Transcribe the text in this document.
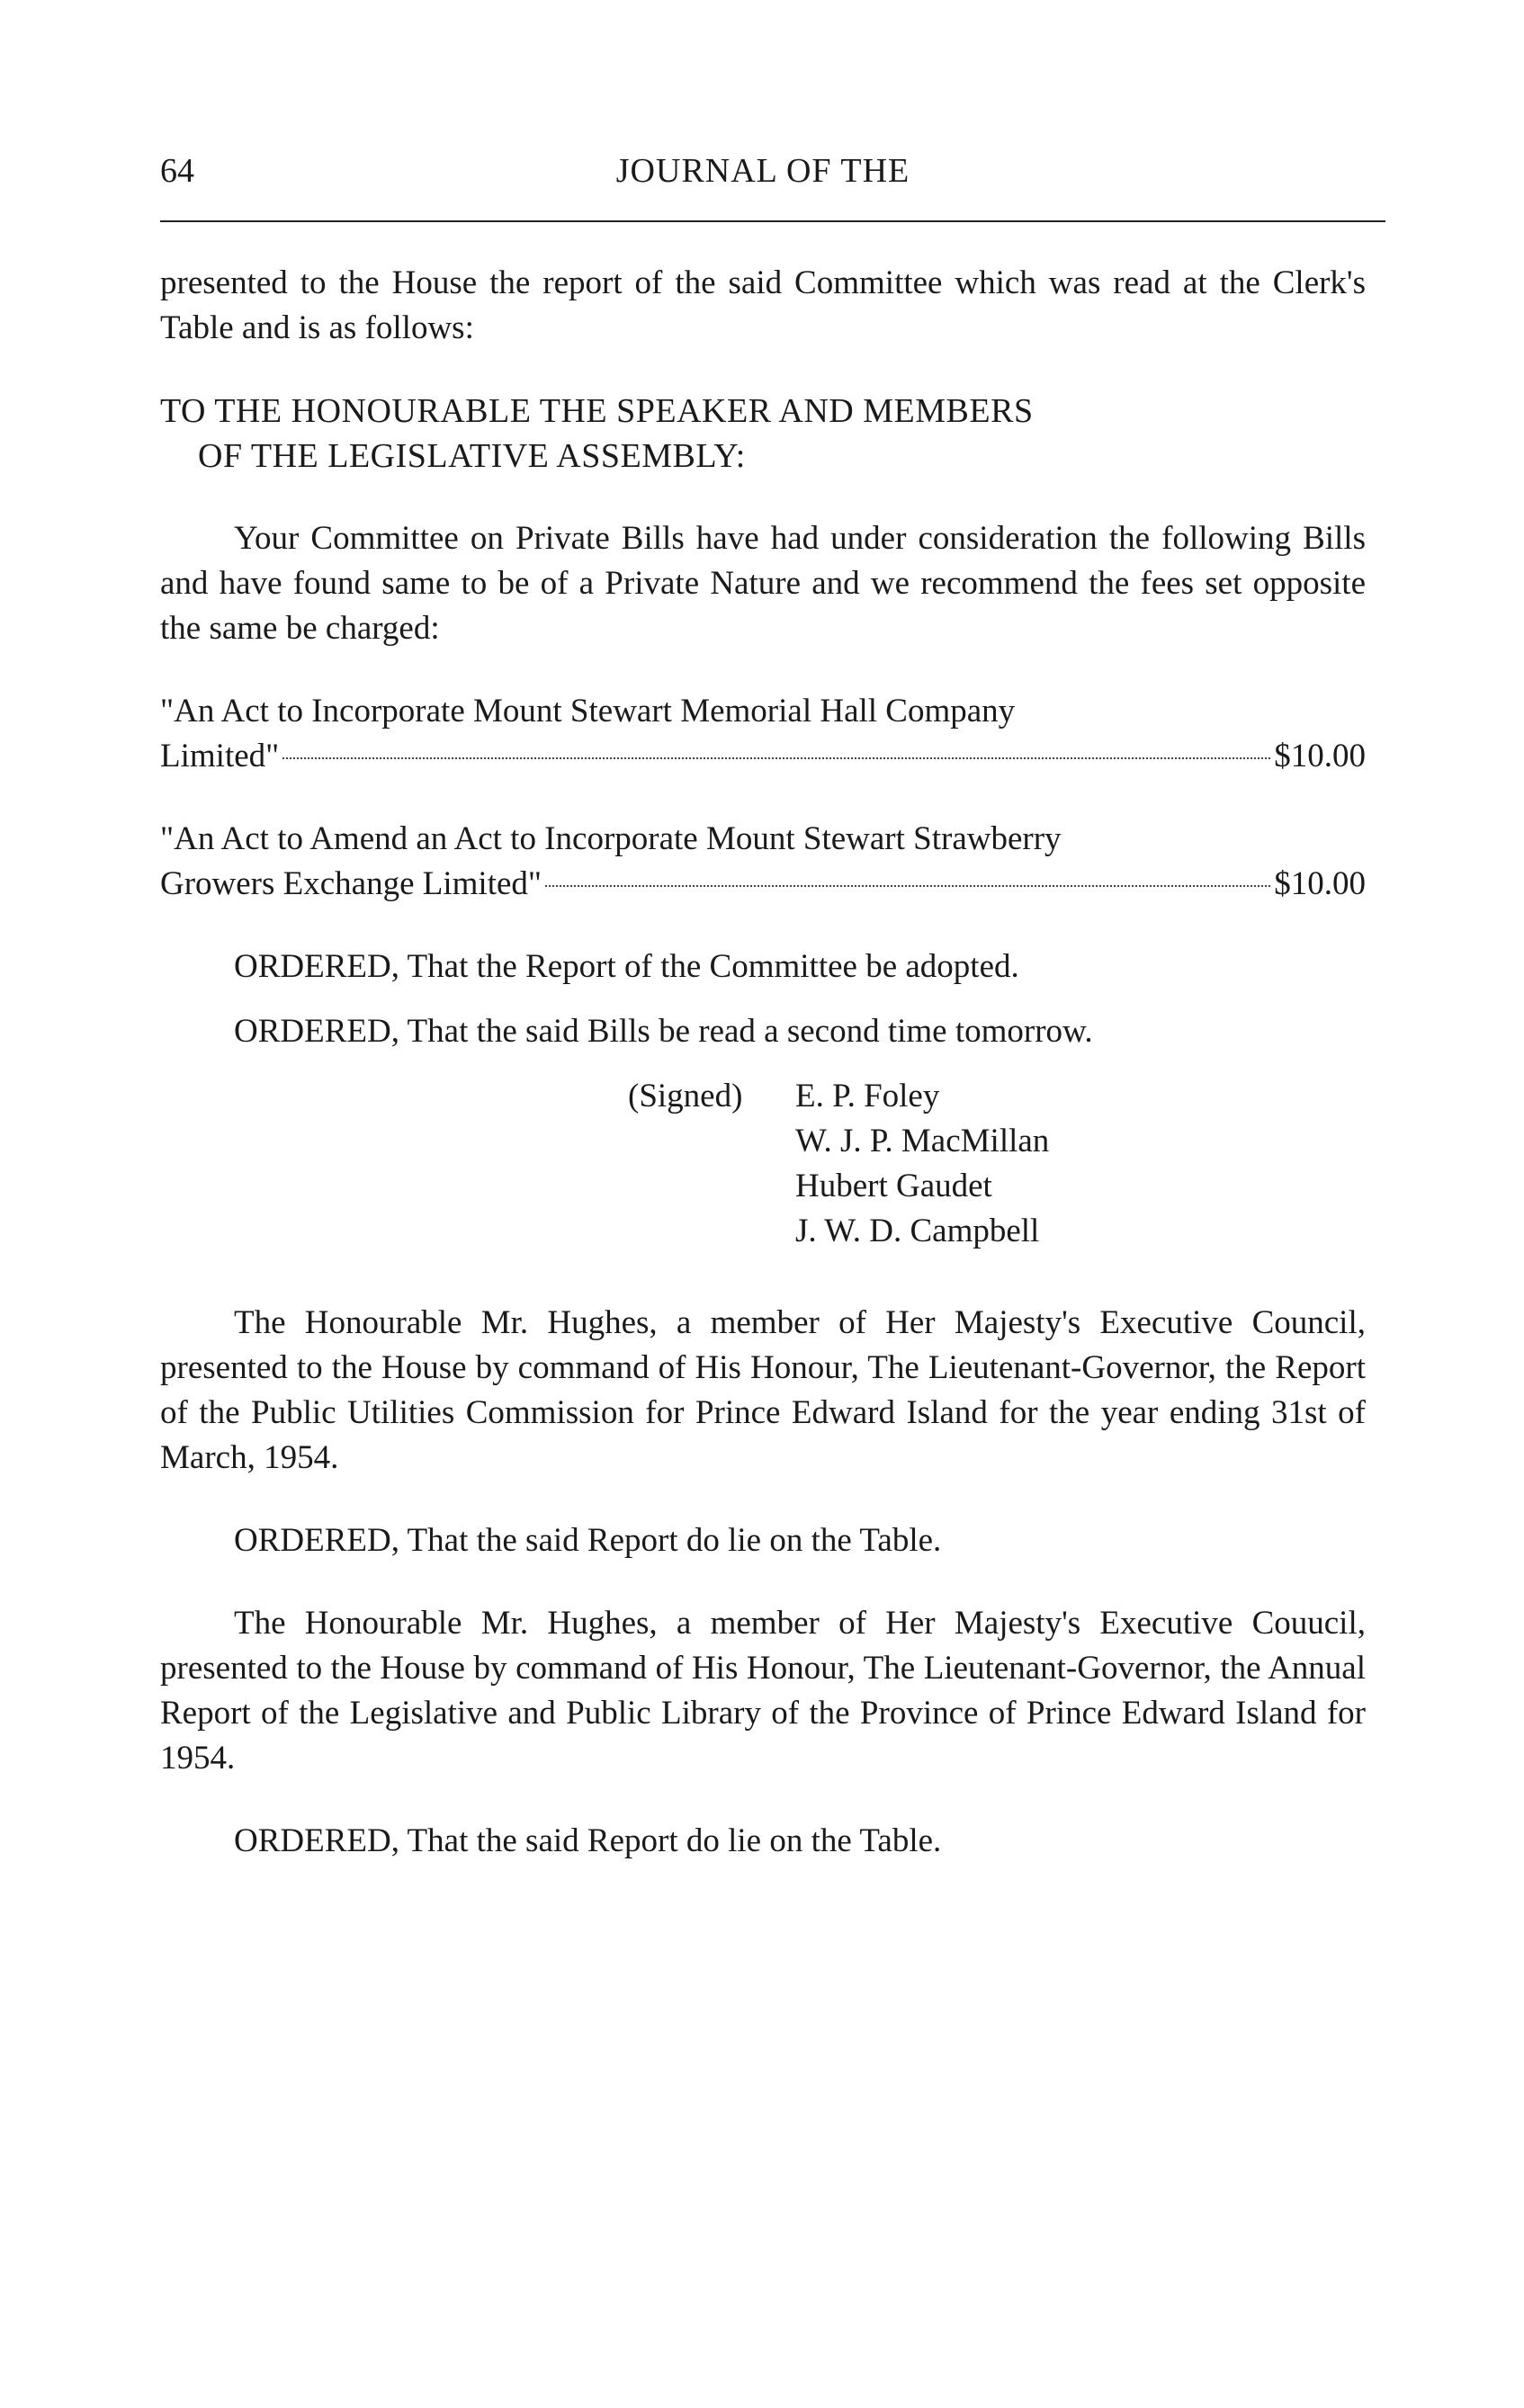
64	JOURNAL OF THE

presented to the House the report of the said Committee which was read at the Clerk's Table and is as follows:

TO THE HONOURABLE THE SPEAKER AND MEMBERS
OF THE LEGISLATIVE ASSEMBLY:

Your Committee on Private Bills have had under consideration the following Bills and have found same to be of a Private Nature and we recommend the fees set opposite the same be charged:

"An Act to Incorporate Mount Stewart Memorial Hall Company
Limited"	$10.00
"An Act to Amend an Act to Incorporate Mount Stewart Strawberry
Growers Exchange Limited"	$10.00
ORDERED, That the Report of the Committee be adopted.
ORDERED, That the said Bills be read a second time tomorrow.
(Signed) E. P. Foley
W. J. P. MacMillan
Hubert Gaudet
J. W. D. Campbell

The Honourable Mr. Hughes, a member of Her Majesty's Executive Council, presented to the House by command of His Honour, The Lieutenant-Governor, the Report of the Public Utilities Commission for Prince Edward Island for the year ending 31st of March, 1954.

ORDERED, That the said Report do lie on the Table.

The Honourable Mr. Hughes, a member of Her Majesty's Executive Couucil, presented to the House by command of His Honour, The Lieutenant-Governor, the Annual Report of the Legislative and Public Library of the Province of Prince Edward Island for 1954.

ORDERED, That the said Report do lie on the Table.
